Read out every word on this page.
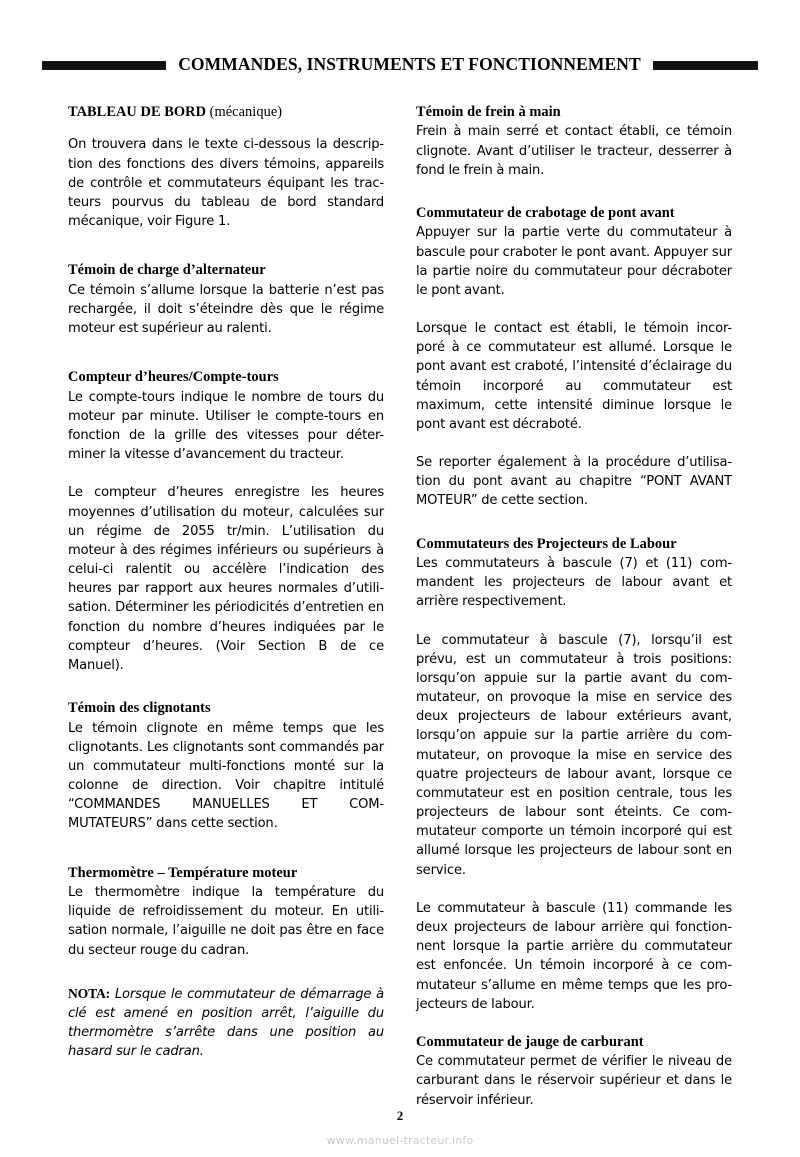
COMMANDES, INSTRUMENTS ET FONCTIONNEMENT
TABLEAU DE BORD (mécanique)

On trouvera dans le texte ci-dessous la descrip-tion des fonctions des divers témoins, appareils de contrôle et commutateurs équipant les trac-teurs pourvus du tableau de bord standard mécanique, voir Figure 1.

Témoin de charge d’alternateur

Ce témoin s’allume lorsque la batterie n’est pas rechargée, il doit s’éteindre dès que le régime moteur est supérieur au ralenti.

Compteur d’heures/Compte-tours

Le compte-tours indique le nombre de tours du moteur par minute. Utiliser le compte-tours en fonction de la grille des vitesses pour déter-miner la vitesse d’avancement du tracteur.

Le compteur d’heures enregistre les heures moyennes d’utilisation du moteur, calculées sur un régime de 2055 tr/min. L’utilisation du moteur à des régimes inférieurs ou supérieurs à celui-ci ralentit ou accélère l’indication des heures par rapport aux heures normales d’utili-sation. Déterminer les périodicités d’entretien en fonction du nombre d’heures indiquées par le compteur d’heures. (Voir Section B de ce Manuel).

Témoin des clignotants

Le témoin clignote en même temps que les clignotants. Les clignotants sont commandés par un commutateur multi-fonctions monté sur la colonne de direction. Voir chapitre intitulé “COMMANDES MANUELLES ET COM-MUTATEURS” dans cette section.

Thermomètre – Température moteur

Le thermomètre indique la température du liquide de refroidissement du moteur. En utili-sation normale, l’aiguille ne doit pas être en face du secteur rouge du cadran.

NOTA: Lorsque le commutateur de démarrage à clé est amené en position arrêt, l’aiguille du thermomètre s’arrête dans une position au hasard sur le cadran.

Témoin de frein à main

Frein à main serré et contact établi, ce témoin clignote. Avant d’utiliser le tracteur, desserrer à fond le frein à main.

Commutateur de crabotage de pont avant

Appuyer sur la partie verte du commutateur à bascule pour craboter le pont avant. Appuyer sur la partie noire du commutateur pour décraboter le pont avant.

Lorsque le contact est établi, le témoin incor-poré à ce commutateur est allumé. Lorsque le pont avant est craboté, l’intensité d’éclairage du témoin incorporé au commutateur est maximum, cette intensité diminue lorsque le pont avant est décraboté.

Se reporter également à la procédure d’utilisa-tion du pont avant au chapitre “PONT AVANT MOTEUR” de cette section.

Commutateurs des Projecteurs de Labour

Les commutateurs à bascule (7) et (11) com-mandent les projecteurs de labour avant et arrière respectivement.

Le commutateur à bascule (7), lorsqu’il est prévu, est un commutateur à trois positions: lorsqu’on appuie sur la partie avant du com-mutateur, on provoque la mise en service des deux projecteurs de labour extérieurs avant, lorsqu’on appuie sur la partie arrière du com-mutateur, on provoque la mise en service des quatre projecteurs de labour avant, lorsque ce commutateur est en position centrale, tous les projecteurs de labour sont éteints. Ce com-mutateur comporte un témoin incorporé qui est allumé lorsque les projecteurs de labour sont en service.

Le commutateur à bascule (11) commande les deux projecteurs de labour arrière qui fonction-nent lorsque la partie arrière du commutateur est enfoncée. Un témoin incorporé à ce com-mutateur s’allume en même temps que les pro-jecteurs de labour.

Commutateur de jauge de carburant

Ce commutateur permet de vérifier le niveau de carburant dans le réservoir supérieur et dans le réservoir inférieur.

2
www.manuel-tracteur.info
